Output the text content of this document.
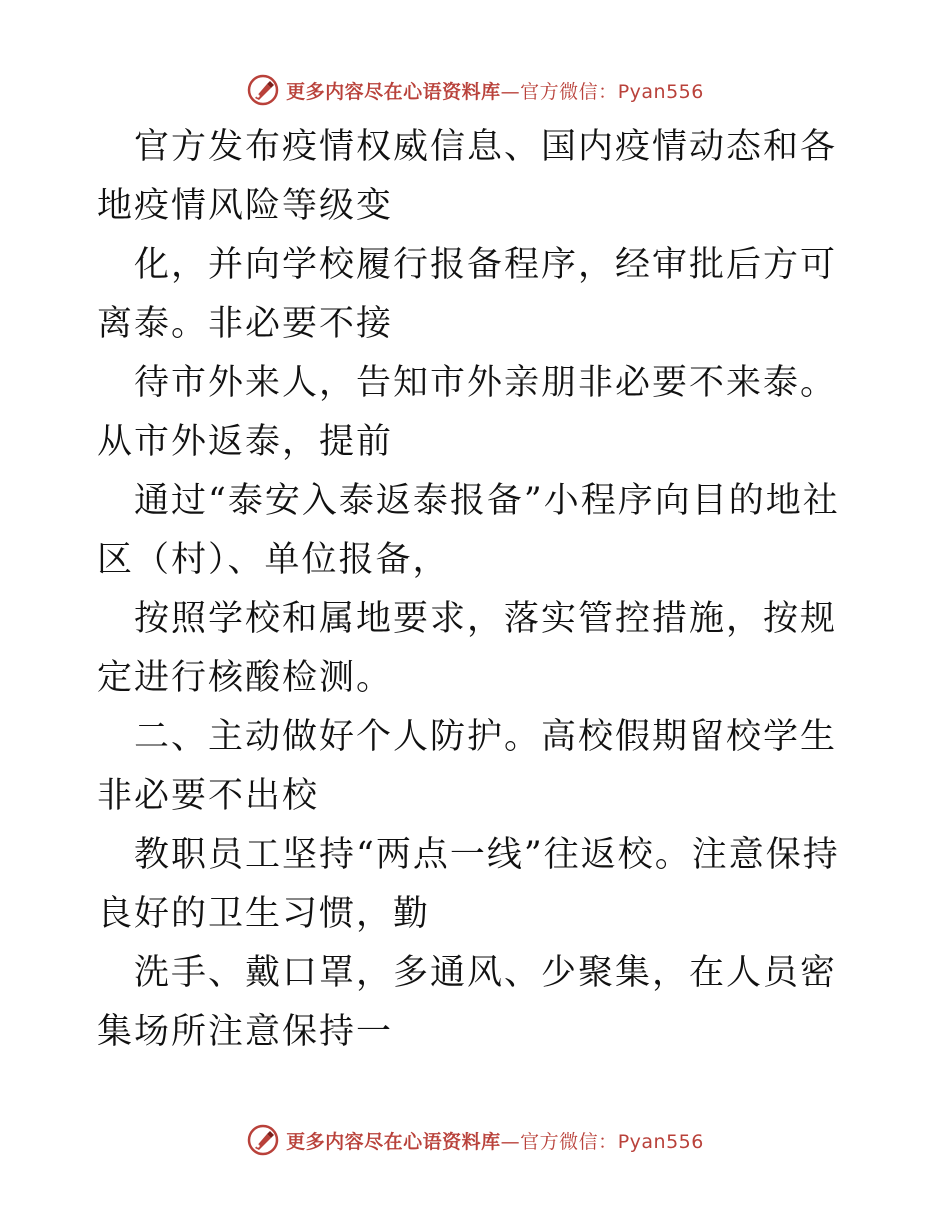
更多内容尽在心语资料库—官方微信：Pyan556

官方发布疫情权威信息、国内疫情动态和各地疫情风险等级变

化，并向学校履行报备程序，经审批后方可离泰。非必要不接

待市外来人，告知市外亲朋非必要不来泰。从市外返泰，提前

通过“泰安入泰返泰报备”小程序向目的地社区（村）、单位报备，

按照学校和属地要求，落实管控措施，按规定进行核酸检测。

二、主动做好个人防护。高校假期留校学生非必要不出校

教职员工坚持“两点一线”往返校。注意保持良好的卫生习惯，勤

洗手、戴口罩，多通风、少聚集，在人员密集场所注意保持一

更多内容尽在心语资料库—官方微信：Pyan556
